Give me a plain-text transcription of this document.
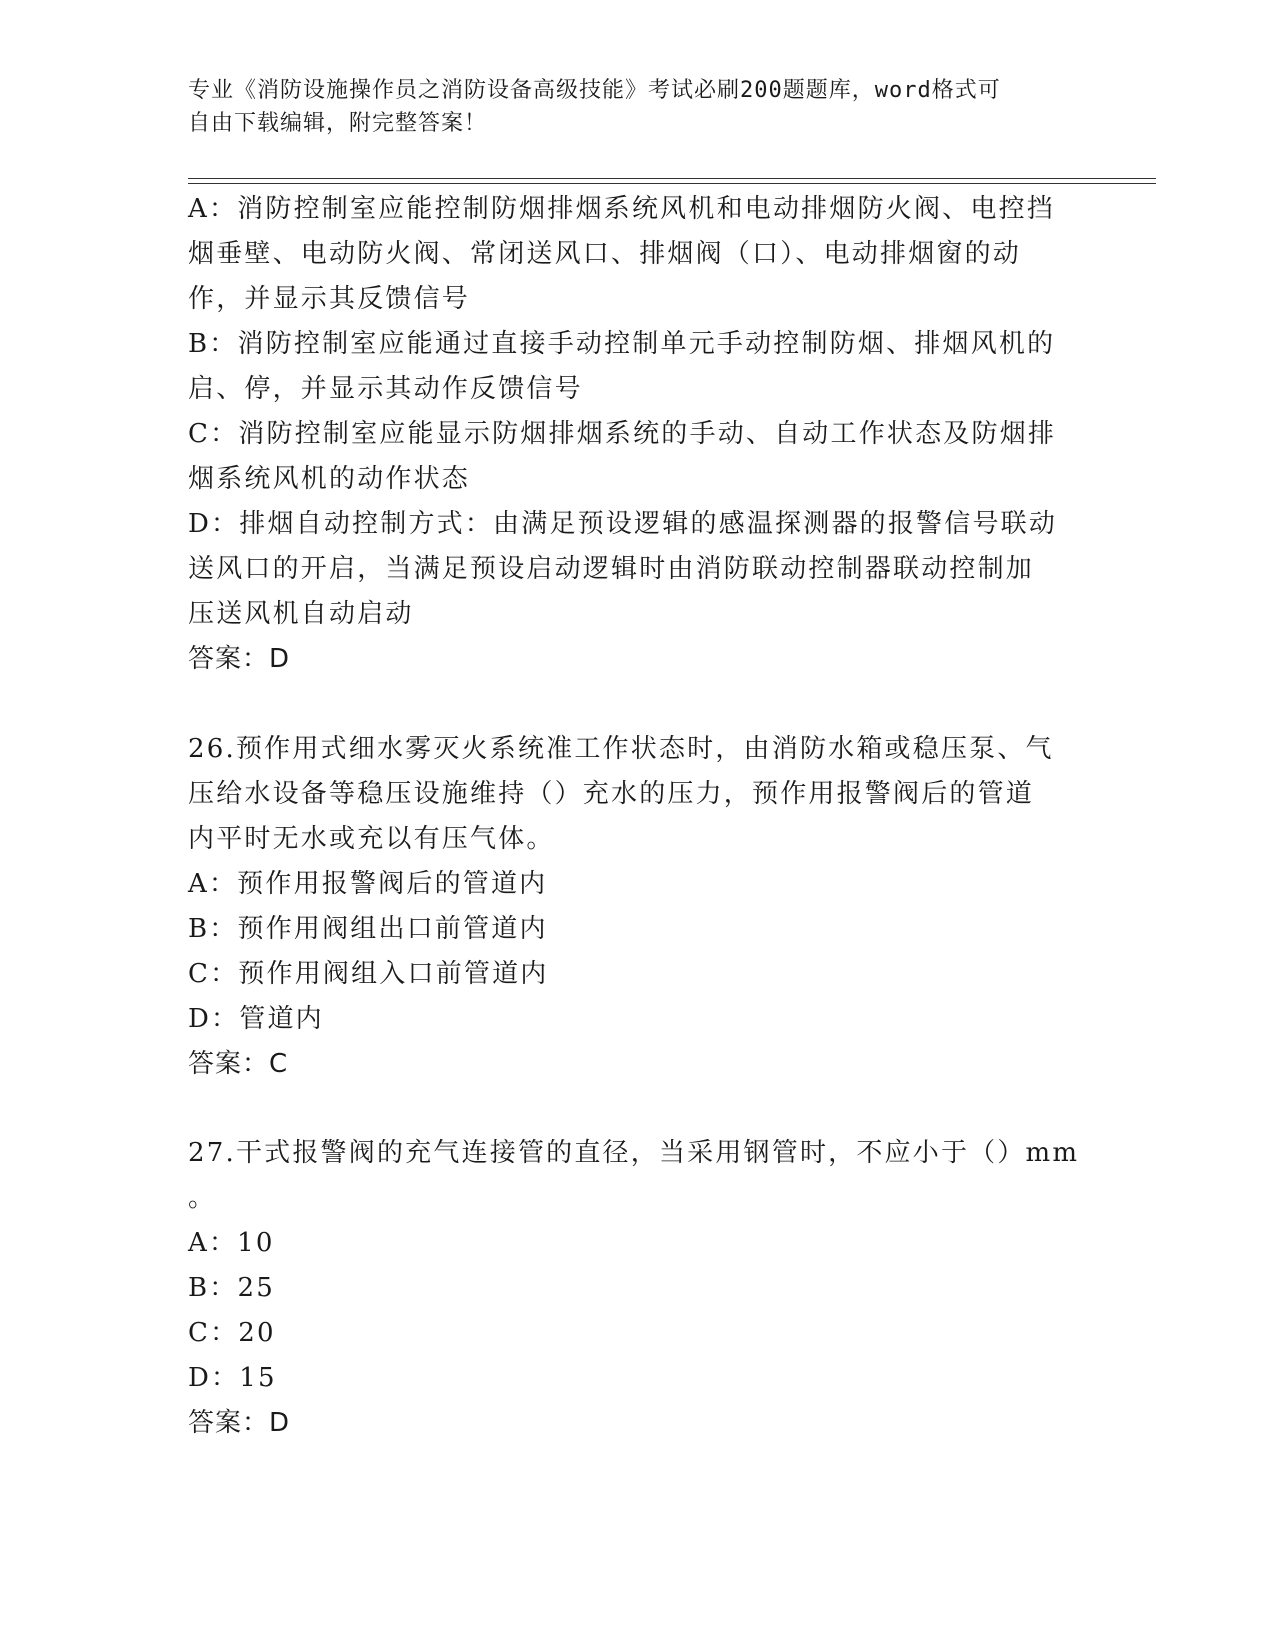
专业《消防设施操作员之消防设备高级技能》考试必刷200题题库，word格式可
自由下载编辑，附完整答案！
A：消防控制室应能控制防烟排烟系统风机和电动排烟防火阀、电控挡
烟垂壁、电动防火阀、常闭送风口、排烟阀（口）、电动排烟窗的动
作，并显示其反馈信号
B：消防控制室应能通过直接手动控制单元手动控制防烟、排烟风机的
启、停，并显示其动作反馈信号
C：消防控制室应能显示防烟排烟系统的手动、自动工作状态及防烟排
烟系统风机的动作状态
D：排烟自动控制方式：由满足预设逻辑的感温探测器的报警信号联动
送风口的开启，当满足预设启动逻辑时由消防联动控制器联动控制加
压送风机自动启动
答案：D
26.预作用式细水雾灭火系统准工作状态时，由消防水箱或稳压泵、气
压给水设备等稳压设施维持（）充水的压力，预作用报警阀后的管道
内平时无水或充以有压气体。
A：预作用报警阀后的管道内
B：预作用阀组出口前管道内
C：预作用阀组入口前管道内
D：管道内
答案：C
27.干式报警阀的充气连接管的直径，当采用钢管时，不应小于（）mm
。
A：10
B：25
C：20
D：15
答案：D
